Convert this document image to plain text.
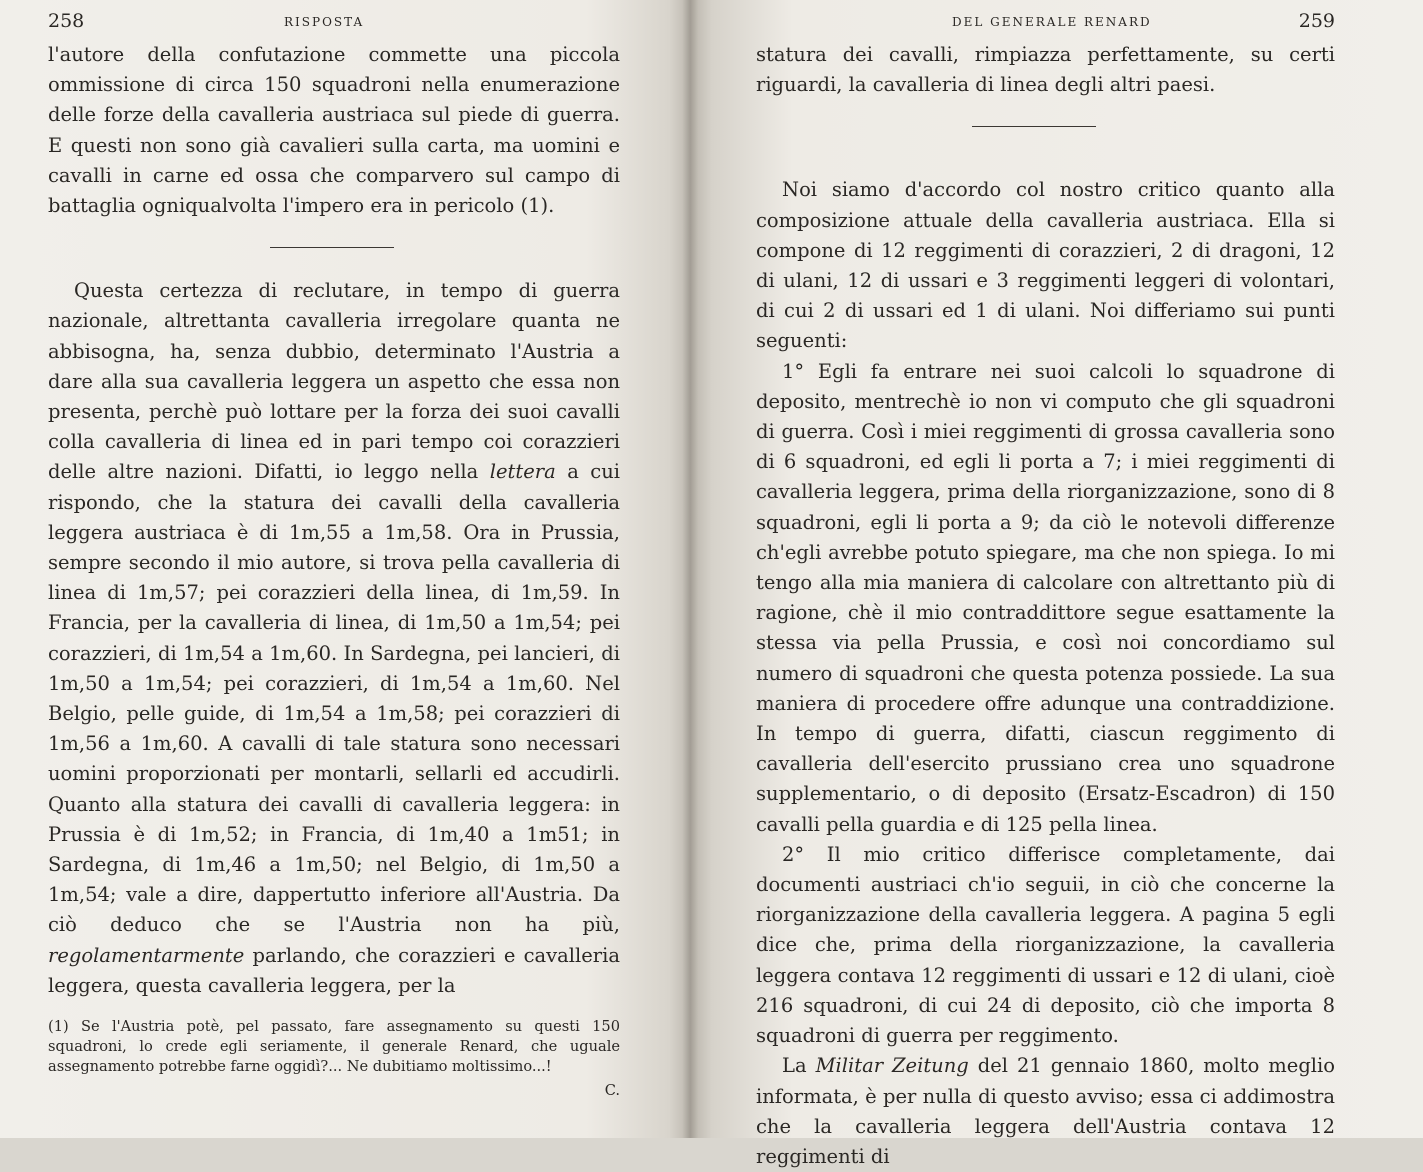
258	RISPOSTA

l'autore della confutazione commette una piccola ommissione di circa 150 squadroni nella enumerazione delle forze della cavalleria austriaca sul piede di guerra. E questi non sono già cavalieri sulla carta, ma uomini e cavalli in carne ed ossa che comparvero sul campo di battaglia ogniqualvolta l'impero era in pericolo (1).

Questa certezza di reclutare, in tempo di guerra nazionale, altrettanta cavalleria irregolare quanta ne abbisogna, ha, senza dubbio, determinato l'Austria a dare alla sua cavalleria leggera un aspetto che essa non presenta, perchè può lottare per la forza dei suoi cavalli colla cavalleria di linea ed in pari tempo coi corazzieri delle altre nazioni. Difatti, io leggo nella lettera a cui rispondo, che la statura dei cavalli della cavalleria leggera austriaca è di 1m,55 a 1m,58. Ora in Prussia, sempre secondo il mio autore, si trova pella cavalleria di linea di 1m,57; pei corazzieri della linea, di 1m,59. In Francia, per la cavalleria di linea, di 1m,50 a 1m,54; pei corazzieri, di 1m,54 a 1m,60. In Sardegna, pei lancieri, di 1m,50 a 1m,54; pei corazzieri, di 1m,54 a 1m,60. Nel Belgio, pelle guide, di 1m,54 a 1m,58; pei corazzieri di 1m,56 a 1m,60. A cavalli di tale statura sono necessari uomini proporzionati per montarli, sellarli ed accudirli. Quanto alla statura dei cavalli di cavalleria leggera: in Prussia è di 1m,52; in Francia, di 1m,40 a 1m51; in Sardegna, di 1m,46 a 1m,50; nel Belgio, di 1m,50 a 1m,54; vale a dire, dappertutto inferiore all'Austria. Da ciò deduco che se l'Austria non ha più, regolamentarmente parlando, che corazzieri e cavalleria leggera, questa cavalleria leggera, per la

(1) Se l'Austria potè, pel passato, fare assegnamento su questi 150 squadroni, lo crede egli seriamente, il generale Renard, che uguale assegnamento potrebbe farne oggidì?... Ne dubitiamo moltissimo...!
C.
DEL GENERALE RENARD	259

statura dei cavalli, rimpiazza perfettamente, su certi riguardi, la cavalleria di linea degli altri paesi.

Noi siamo d'accordo col nostro critico quanto alla composizione attuale della cavalleria austriaca. Ella si compone di 12 reggimenti di corazzieri, 2 di dragoni, 12 di ulani, 12 di ussari e 3 reggimenti leggeri di volontari, di cui 2 di ussari ed 1 di ulani. Noi differiamo sui punti seguenti:

1° Egli fa entrare nei suoi calcoli lo squadrone di deposito, mentrechè io non vi computo che gli squadroni di guerra. Così i miei reggimenti di grossa cavalleria sono di 6 squadroni, ed egli li porta a 7; i miei reggimenti di cavalleria leggera, prima della riorganizzazione, sono di 8 squadroni, egli li porta a 9; da ciò le notevoli differenze ch'egli avrebbe potuto spiegare, ma che non spiega. Io mi tengo alla mia maniera di calcolare con altrettanto più di ragione, chè il mio contraddittore segue esattamente la stessa via pella Prussia, e così noi concordiamo sul numero di squadroni che questa potenza possiede. La sua maniera di procedere offre adunque una contraddizione. In tempo di guerra, difatti, ciascun reggimento di cavalleria dell'esercito prussiano crea uno squadrone supplementario, o di deposito (Ersatz-Escadron) di 150 cavalli pella guardia e di 125 pella linea.

2° Il mio critico differisce completamente, dai documenti austriaci ch'io seguii, in ciò che concerne la riorganizzazione della cavalleria leggera. A pagina 5 egli dice che, prima della riorganizzazione, la cavalleria leggera contava 12 reggimenti di ussari e 12 di ulani, cioè 216 squadroni, di cui 24 di deposito, ciò che importa 8 squadroni di guerra per reggimento.

La Militar Zeitung del 21 gennaio 1860, molto meglio informata, è per nulla di questo avviso; essa ci addimostra che la cavalleria leggera dell'Austria contava 12 reggimenti di
